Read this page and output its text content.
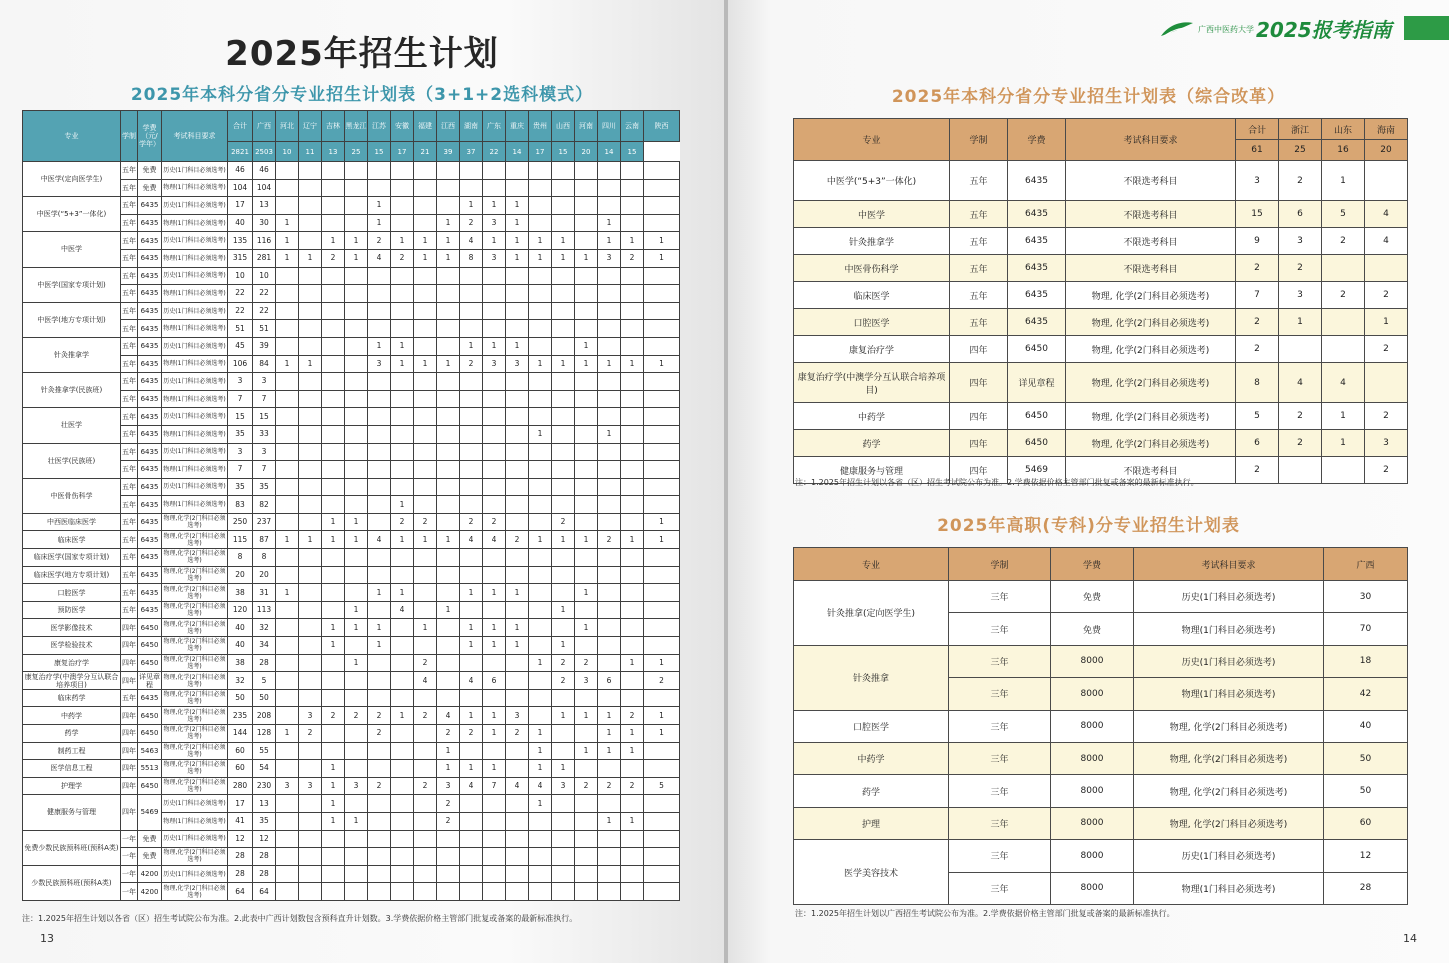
2025年招生计划
2025年本科分省分专业招生计划表（3+1+2选科模式）
专业	学制	学费（元/学年）	考试科目要求	合计	广西	河北	辽宁	吉林	黑龙江	江苏	安徽	福建	江西	湖南	广东	重庆	贵州	山西	河南	四川	云南	陕西
				2821	2503	10	11	13	25	15	17	21	39	37	22	14	17	15	20	14	15	
中医学(定向医学生)	五年	免费	历史(1门科目必须选考)	46	46																	
	五年	免费	物理(1门科目必须选考)	104	104																	
中医学(“5+3”一体化)	五年	6435	历史(1门科目必须选考)	17	13					1				1	1	1						
	五年	6435	物理(1门科目必须选考)	40	30	1				1			1	2	3	1				1		
中医学	五年	6435	历史(1门科目必须选考)	135	116	1		1	1	2	1	1	1	4	1	1	1	1		1	1	1
	五年	6435	物理(1门科目必须选考)	315	281	1	1	2	1	4	2	1	1	8	3	1	1	1	1	3	2	1
中医学(国家专项计划)	五年	6435	历史(1门科目必须选考)	10	10																	
	五年	6435	物理(1门科目必须选考)	22	22																	
中医学(地方专项计划)	五年	6435	历史(1门科目必须选考)	22	22																	
	五年	6435	物理(1门科目必须选考)	51	51																	
针灸推拿学	五年	6435	历史(1门科目必须选考)	45	39					1	1			1	1	1			1			
	五年	6435	物理(1门科目必须选考)	106	84	1	1			3	1	1	1	2	3	3	1	1	1	1	1	1
针灸推拿学(民族班)	五年	6435	历史(1门科目必须选考)	3	3																	
	五年	6435	物理(1门科目必须选考)	7	7																	
壮医学	五年	6435	历史(1门科目必须选考)	15	15																	
	五年	6435	物理(1门科目必须选考)	35	33												1			1		
壮医学(民族班)	五年	6435	历史(1门科目必须选考)	3	3																	
	五年	6435	物理(1门科目必须选考)	7	7																	
中医骨伤科学	五年	6435	历史(1门科目必须选考)	35	35																	
	五年	6435	物理(1门科目必须选考)	83	82						1											
中西医临床医学	五年	6435	物理,化学(2门科目必须选考)	250	237			1	1		2	2		2	2			2				1
临床医学	五年	6435	物理,化学(2门科目必须选考)	115	87	1	1	1	1	4	1	1	1	4	4	2	1	1	1	2	1	1
临床医学(国家专项计划)	五年	6435	物理,化学(2门科目必须选考)	8	8																	
临床医学(地方专项计划)	五年	6435	物理,化学(2门科目必须选考)	20	20																	
口腔医学	五年	6435	物理,化学(2门科目必须选考)	38	31	1				1	1			1	1	1			1			
预防医学	五年	6435	物理,化学(2门科目必须选考)	120	113				1		4		1					1				
医学影像技术	四年	6450	物理,化学(2门科目必须选考)	40	32			1	1	1		1		1	1	1			1			
医学检验技术	四年	6450	物理,化学(2门科目必须选考)	40	34			1		1				1	1	1		1				
康复治疗学	四年	6450	物理,化学(2门科目必须选考)	38	28				1			2					1	2	2		1	1
康复治疗学(中澳学分互认联合培养项目)	四年	详见章程	物理,化学(2门科目必须选考)	32	5							4		4	6			2	3	6		2
临床药学	五年	6435	物理,化学(2门科目必须选考)	50	50																	
中药学	四年	6450	物理,化学(2门科目必须选考)	235	208		3	2	2	2	1	2	4	1	1	3		1	1	1	2	1
药学	四年	6450	物理,化学(2门科目必须选考)	144	128	1	2			2			2	2	1	2	1			1	1	1
制药工程	四年	5463	物理,化学(2门科目必须选考)	60	55								1				1		1	1	1	
医学信息工程	四年	5513	物理,化学(2门科目必须选考)	60	54			1					1	1	1		1	1				
护理学	四年	6450	物理,化学(2门科目必须选考)	280	230	3	3	1	3	2		2	3	4	7	4	4	3	2	2	2	5
健康服务与管理	四年	5469	历史(1门科目必须选考)	17	13			1					2				1					
			物理(1门科目必须选考)	41	35			1	1				2							1	1	
免费少数民族预科班(预科A类)	一年	免费	历史(1门科目必须选考)	12	12																	
	一年	免费	物理,化学(2门科目必须选考)	28	28																	
少数民族预科班(预科A类)	一年	4200	历史(1门科目必须选考)	28	28																	
	一年	4200	物理,化学(2门科目必须选考)	64	64																	
注：1.2025年招生计划以各省（区）招生考试院公布为准。2.此表中广西计划数包含预科直升计划数。3.学费依据价格主管部门批复或备案的最新标准执行。
13
广西中医药大学 2025报考指南
2025年本科分省分专业招生计划表（综合改革）
专业	学制	学费	考试科目要求	合计	浙江	山东	海南
				61	25	16	20
中医学(“5+3”一体化)	五年	6435	不限选考科目	3	2	1	
中医学	五年	6435	不限选考科目	15	6	5	4
针灸推拿学	五年	6435	不限选考科目	9	3	2	4
中医骨伤科学	五年	6435	不限选考科目	2	2		
临床医学	五年	6435	物理, 化学(2门科目必须选考)	7	3	2	2
口腔医学	五年	6435	物理, 化学(2门科目必须选考)	2	1		1
康复治疗学	四年	6450	物理, 化学(2门科目必须选考)	2			2
康复治疗学(中澳学分互认联合培养项目)	四年	详见章程	物理, 化学(2门科目必须选考)	8	4	4	
中药学	四年	6450	物理, 化学(2门科目必须选考)	5	2	1	2
药学	四年	6450	物理, 化学(2门科目必须选考)	6	2	1	3
健康服务与管理	四年	5469	不限选考科目	2			2
注：1.2025年招生计划以各省（区）招生考试院公布为准。2.学费依据价格主管部门批复或备案的最新标准执行。
2025年高职(专科)分专业招生计划表
专业	学制	学费	考试科目要求	广西
针灸推拿(定向医学生)	三年	免费	历史(1门科目必须选考)	30
	三年	免费	物理(1门科目必须选考)	70
针灸推拿	三年	8000	历史(1门科目必须选考)	18
	三年	8000	物理(1门科目必须选考)	42
口腔医学	三年	8000	物理, 化学(2门科目必须选考)	40
中药学	三年	8000	物理, 化学(2门科目必须选考)	50
药学	三年	8000	物理, 化学(2门科目必须选考)	50
护理	三年	8000	物理, 化学(2门科目必须选考)	60
医学美容技术	三年	8000	历史(1门科目必须选考)	12
	三年	8000	物理(1门科目必须选考)	28
注：1.2025年招生计划以广西招生考试院公布为准。2.学费依据价格主管部门批复或备案的最新标准执行。
14
